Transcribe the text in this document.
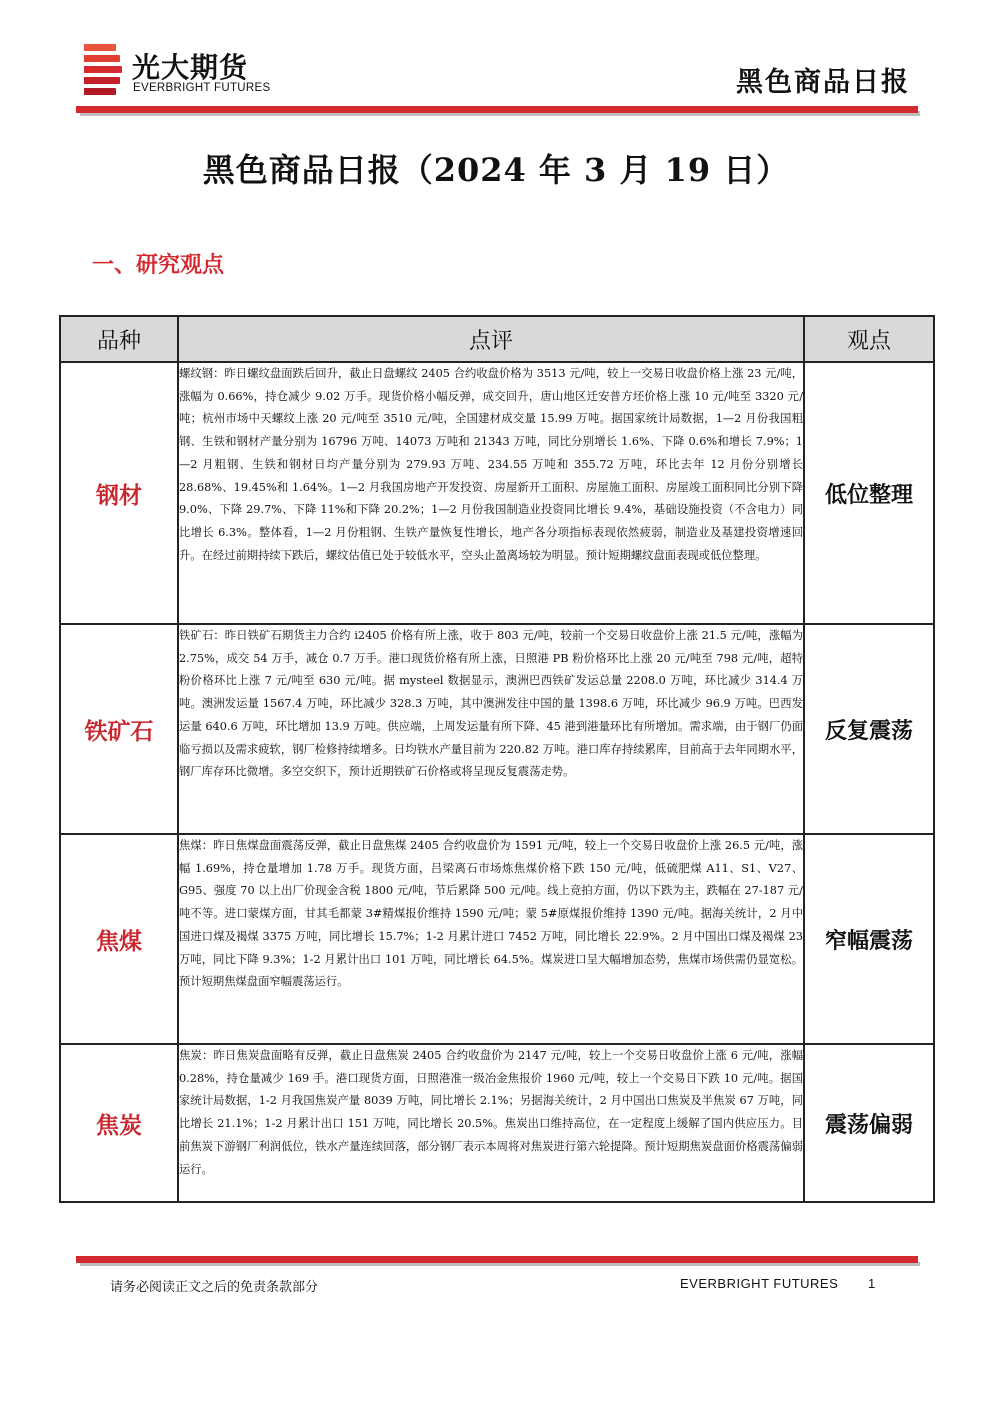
光大期货
EVERBRIGHT FUTURES	黑色商品日报
黑色商品日报（2024 年 3 月 19 日）
一、研究观点
品种	点评	观点
钢材	螺纹钢：昨日螺纹盘面跌后回升，截止日盘螺纹 2405 合约收盘价格为 3513 元/吨，较上一交易日收盘价格上涨 23 元/吨，涨幅为 0.66%，持仓减少 9.02 万手。现货价格小幅反弹，成交回升，唐山地区迁安普方坯价格上涨 10 元/吨至 3320 元/吨；杭州市场中天螺纹上涨 20 元/吨至 3510 元/吨，全国建材成交量 15.99 万吨。据国家统计局数据，1—2 月份我国粗钢、生铁和钢材产量分别为 16796 万吨、14073 万吨和 21343 万吨，同比分别增长 1.6%、下降 0.6%和增长 7.9%；1—2 月粗钢、生铁和钢材日均产量分别为 279.93 万吨、234.55 万吨和 355.72 万吨，环比去年 12 月份分别增长 28.68%、19.45%和 1.64%。1—2 月我国房地产开发投资、房屋新开工面积、房屋施工面积、房屋竣工面积同比分别下降 9.0%、下降 29.7%、下降 11%和下降 20.2%；1—2 月份我国制造业投资同比增长 9.4%，基础设施投资（不含电力）同比增长 6.3%。整体看，1—2 月份粗钢、生铁产量恢复性增长，地产各分项指标表现依然疲弱，制造业及基建投资增速回升。在经过前期持续下跌后，螺纹估值已处于较低水平，空头止盈离场较为明显。预计短期螺纹盘面表现或低位整理。	低位整理
铁矿石	铁矿石：昨日铁矿石期货主力合约 i2405 价格有所上涨，收于 803 元/吨，较前一个交易日收盘价上涨 21.5 元/吨，涨幅为 2.75%，成交 54 万手，减仓 0.7 万手。港口现货价格有所上涨，日照港 PB 粉价格环比上涨 20 元/吨至 798 元/吨，超特粉价格环比上涨 7 元/吨至 630 元/吨。据 mysteel 数据显示，澳洲巴西铁矿发运总量 2208.0 万吨，环比减少 314.4 万吨。澳洲发运量 1567.4 万吨，环比减少 328.3 万吨，其中澳洲发往中国的量 1398.6 万吨，环比减少 96.9 万吨。巴西发运量 640.6 万吨，环比增加 13.9 万吨。供应端，上周发运量有所下降、45 港到港量环比有所增加。需求端，由于钢厂仍面临亏损以及需求疲软，钢厂检修持续增多。日均铁水产量目前为 220.82 万吨。港口库存持续累库，目前高于去年同期水平，钢厂库存环比微增。多空交织下，预计近期铁矿石价格或将呈现反复震荡走势。	反复震荡
焦煤	焦煤：昨日焦煤盘面震荡反弹，截止日盘焦煤 2405 合约收盘价为 1591 元/吨，较上一个交易日收盘价上涨 26.5 元/吨，涨幅 1.69%，持仓量增加 1.78 万手。现货方面，吕梁离石市场炼焦煤价格下跌 150 元/吨，低硫肥煤 A11、S1、V27、G95、强度 70 以上出厂价现金含税 1800 元/吨，节后累降 500 元/吨。线上竞拍方面，仍以下跌为主，跌幅在 27-187 元/吨不等。进口蒙煤方面，甘其毛都蒙 3#精煤报价维持 1590 元/吨；蒙 5#原煤报价维持 1390 元/吨。据海关统计，2 月中国进口煤及褐煤 3375 万吨，同比增长 15.7%；1-2 月累计进口 7452 万吨，同比增长 22.9%。2 月中国出口煤及褐煤 23 万吨，同比下降 9.3%；1-2 月累计出口 101 万吨，同比增长 64.5%。煤炭进口呈大幅增加态势，焦煤市场供需仍显宽松。预计短期焦煤盘面窄幅震荡运行。	窄幅震荡
焦炭	焦炭：昨日焦炭盘面略有反弹，截止日盘焦炭 2405 合约收盘价为 2147 元/吨，较上一个交易日收盘价上涨 6 元/吨，涨幅 0.28%，持仓量减少 169 手。港口现货方面，日照港准一级冶金焦报价 1960 元/吨，较上一个交易日下跌 10 元/吨。据国家统计局数据，1-2 月我国焦炭产量 8039 万吨，同比增长 2.1%；另据海关统计，2 月中国出口焦炭及半焦炭 67 万吨，同比增长 21.1%；1-2 月累计出口 151 万吨，同比增长 20.5%。焦炭出口维持高位，在一定程度上缓解了国内供应压力。目前焦炭下游钢厂利润低位，铁水产量连续回落，部分钢厂表示本周将对焦炭进行第六轮提降。预计短期焦炭盘面价格震荡偏弱运行。	震荡偏弱
请务必阅读正文之后的免责条款部分	EVERBRIGHT FUTURES 1
